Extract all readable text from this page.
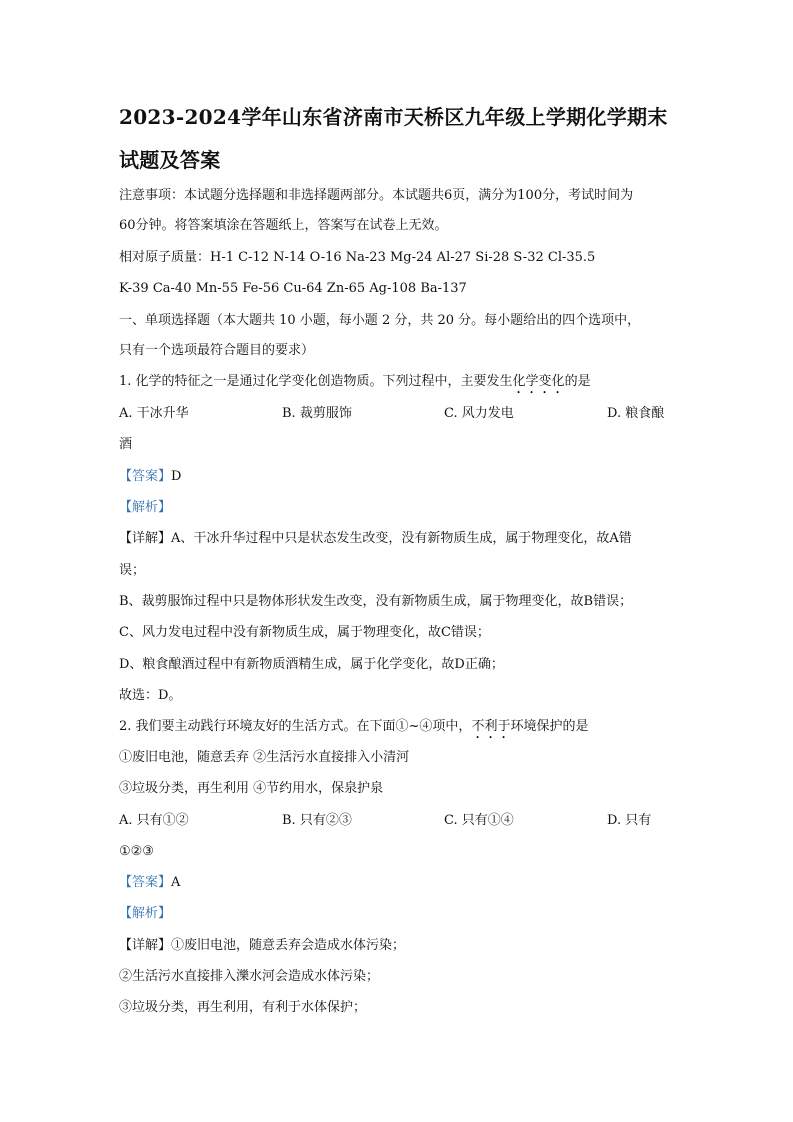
2023-2024学年山东省济南市天桥区九年级上学期化学期末
试题及答案
注意事项：本试题分选择题和非选择题两部分。本试题共6页，满分为100分，考试时间为
60分钟。将答案填涂在答题纸上，答案写在试卷上无效。
相对原子质量：H-1 C-12 N-14 O-16 Na-23 Mg-24 Al-27 Si-28 S-32 Cl-35.5
K-39 Ca-40 Mn-55 Fe-56 Cu-64 Zn-65 Ag-108 Ba-137
一、单项选择题（本大题共 10 小题，每小题 2 分，共 20 分。每小题给出的四个选项中，
只有一个选项最符合题目的要求）
1. 化学的特征之一是通过化学变化创造物质。下列过程中，主要发生化学变化的是
A. 干冰升华	B. 裁剪服饰	C. 风力发电	D. 粮食酿
酒
【答案】D
【解析】
【详解】A、干冰升华过程中只是状态发生改变，没有新物质生成，属于物理变化，故A错
误；
B、裁剪服饰过程中只是物体形状发生改变，没有新物质生成，属于物理变化，故B错误；
C、风力发电过程中没有新物质生成，属于物理变化，故C错误；
D、粮食酿酒过程中有新物质酒精生成，属于化学变化，故D正确；
故选：D。
2. 我们要主动践行环境友好的生活方式。在下面①~④项中，不利于环境保护的是
①废旧电池，随意丢弃 ②生活污水直接排入小清河
③垃圾分类，再生利用 ④节约用水，保泉护泉
A. 只有①②	B. 只有②③	C. 只有①④	D. 只有
①②③
【答案】A
【解析】
【详解】①废旧电池，随意丢弃会造成水体污染；
②生活污水直接排入濼水河会造成水体污染；
③垃圾分类，再生利用，有利于水体保护；
